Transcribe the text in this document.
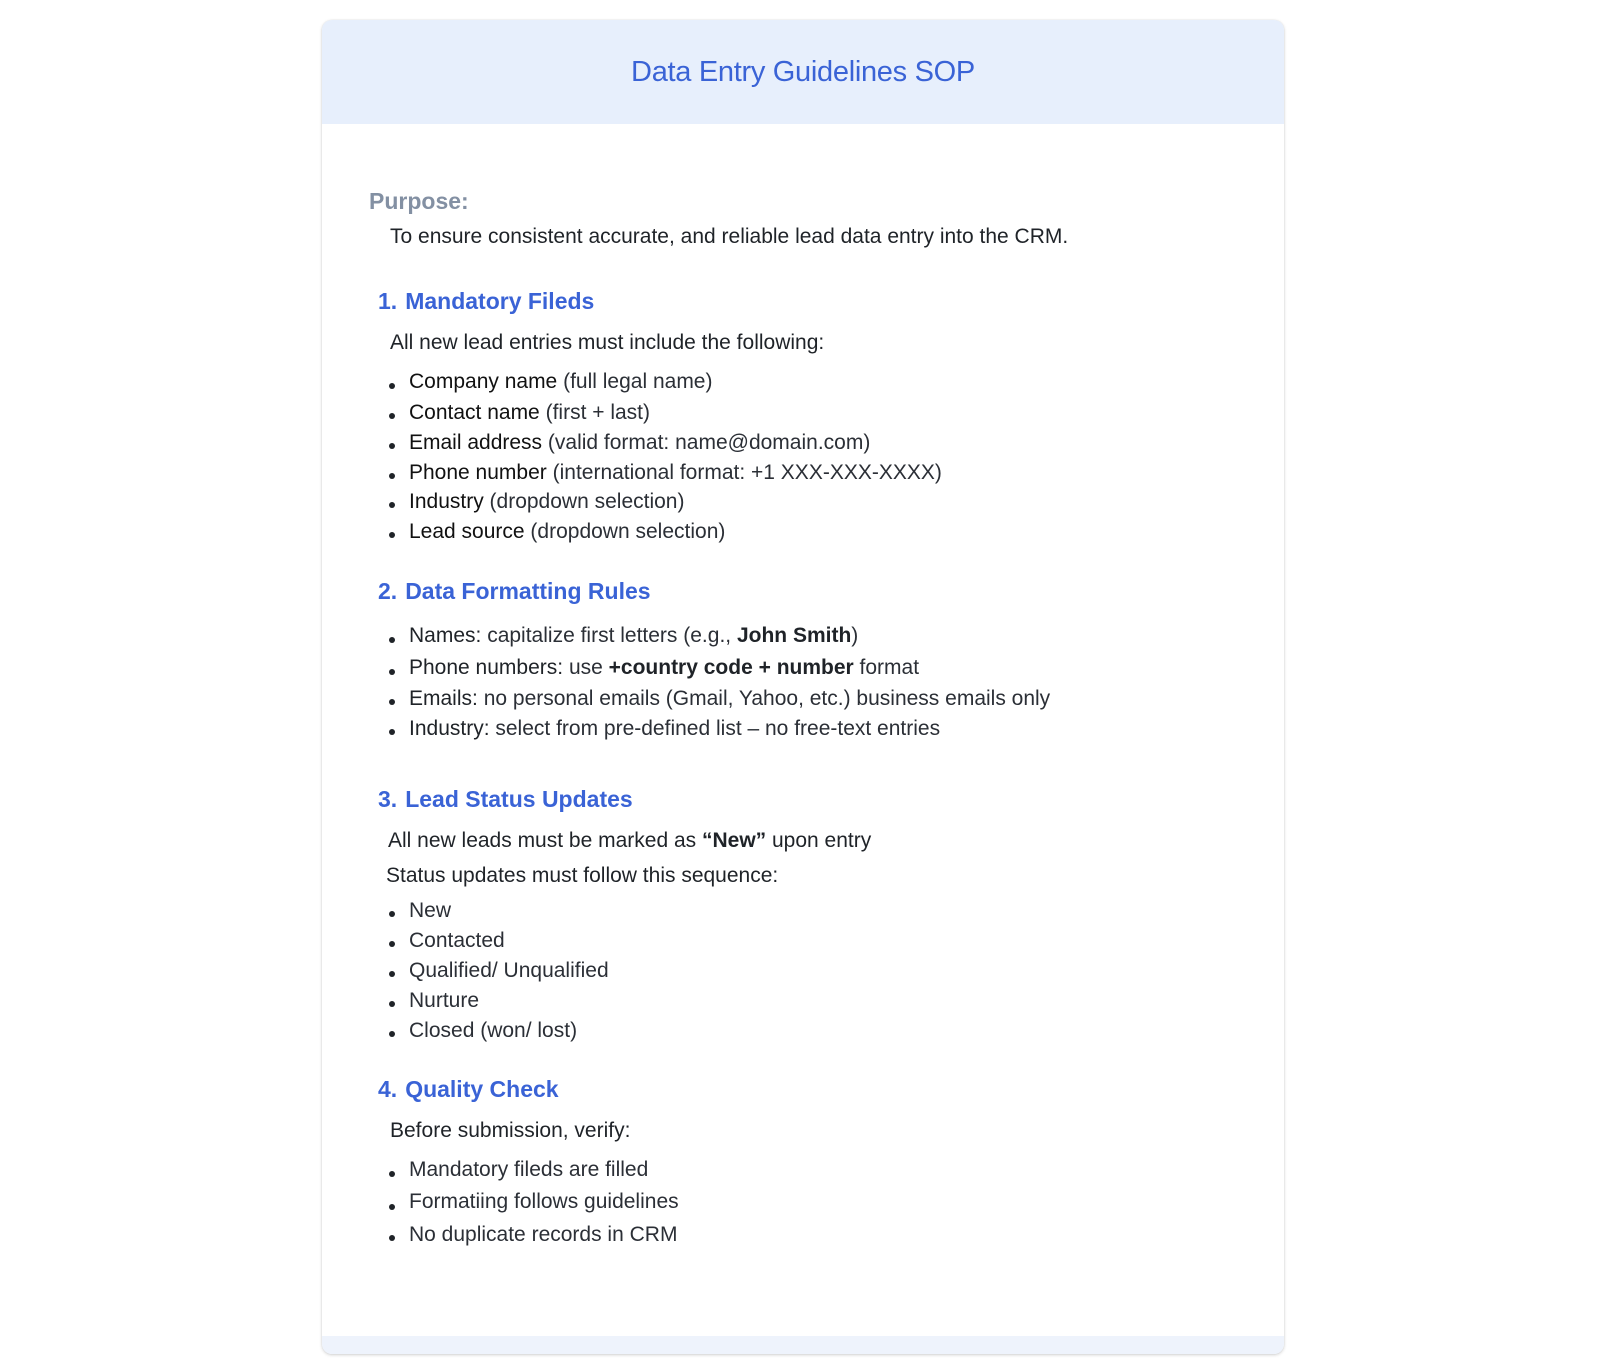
Data Entry Guidelines SOP
Purpose:
To ensure consistent accurate, and reliable lead data entry into the CRM.
1. Mandatory Fileds
All new lead entries must include the following:
Company name (full legal name)
Contact name (first + last)
Email address (valid format: name@domain.com)
Phone number (international format: +1 XXX-XXX-XXXX)
Industry (dropdown selection)
Lead source (dropdown selection)
2. Data Formatting Rules
Names: capitalize first letters (e.g., John Smith)
Phone numbers: use +country code + number format
Emails: no personal emails (Gmail, Yahoo, etc.) business emails only
Industry: select from pre-defined list – no free-text entries
3. Lead Status Updates
All new leads must be marked as “New” upon entry
Status updates must follow this sequence:
New
Contacted
Qualified/ Unqualified
Nurture
Closed (won/ lost)
4. Quality Check
Before submission, verify:
Mandatory fileds are filled
Formatiing follows guidelines
No duplicate records in CRM
